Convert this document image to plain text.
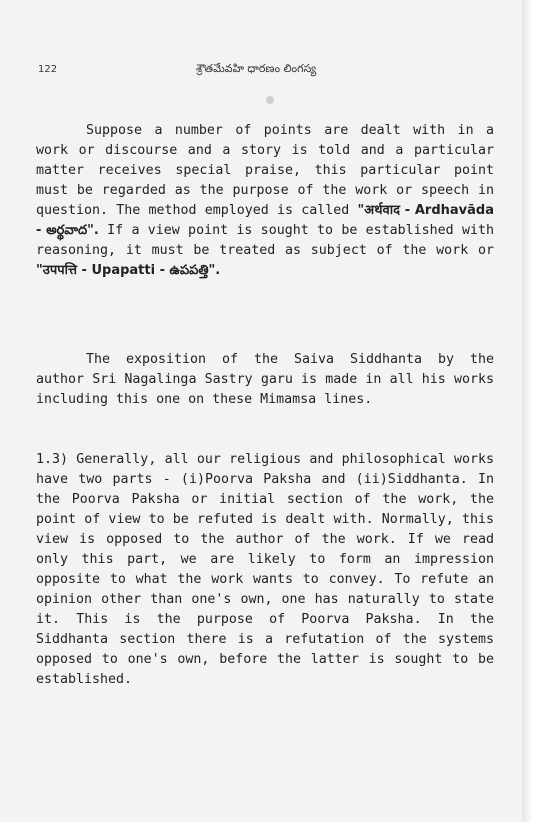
122	శ్రౌతమేవహి ధారణం లింగస్య

Suppose a number of points are dealt with in a work or discourse and a story is told and a particular matter receives special praise, this particular point must be regarded as the purpose of the work or speech in question. The method employed is called "अर्थवाद - Ardhavāda - అర్థవాద". If a view point is sought to be established with reasoning, it must be treated as subject of the work or "उपपत्ति - Upapatti - ఉపపత్తి".

The exposition of the Saiva Siddhanta by the author Sri Nagalinga Sastry garu is made in all his works including this one on these Mimamsa lines.

1.3) Generally, all our religious and philosophical works have two parts - (i)Poorva Paksha and (ii)Siddhanta. In the Poorva Paksha or initial section of the work, the point of view to be refuted is dealt with. Normally, this view is opposed to the author of the work. If we read only this part, we are likely to form an impression opposite to what the work wants to convey. To refute an opinion other than one's own, one has naturally to state it. This is the purpose of Poorva Paksha. In the Siddhanta section there is a refutation of the systems opposed to one's own, before the latter is sought to be established.
